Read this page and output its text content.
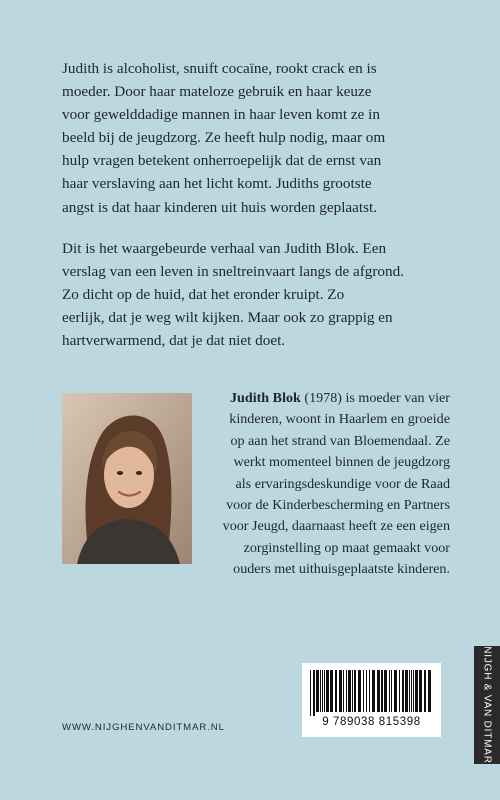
Judith is alcoholist, snuift cocaïne, rookt crack en is
moeder. Door haar mateloze gebruik en haar keuze
voor gewelddadige mannen in haar leven komt ze in
beeld bij de jeugdzorg. Ze heeft hulp nodig, maar om
hulp vragen betekent onherroepelijk dat de ernst van
haar verslaving aan het licht komt. Judiths grootste
angst is dat haar kinderen uit huis worden geplaatst.

Dit is het waargebeurde verhaal van Judith Blok. Een
verslag van een leven in sneltreinvaart langs de afgrond.
Zo dicht op de huid, dat het eronder kruipt. Zo
eerlijk, dat je weg wilt kijken. Maar ook zo grappig en
hartverwarmend, dat je dat niet doet.

Judith Blok (1978) is moeder van vier
kinderen, woont in Haarlem en groeide
op aan het strand van Bloemendaal. Ze
werkt momenteel binnen de jeugdzorg
als ervaringsdeskundige voor de Raad
voor de Kinderbescherming en Partners
voor Jeugd, daarnaast heeft ze een eigen
zorginstelling op maat gemaakt voor
ouders met uithuisgeplaatste kinderen.

WWW.NIJGHENVANDITMAR.NL	9 789038 815398	NIJGH & VAN DITMAR
